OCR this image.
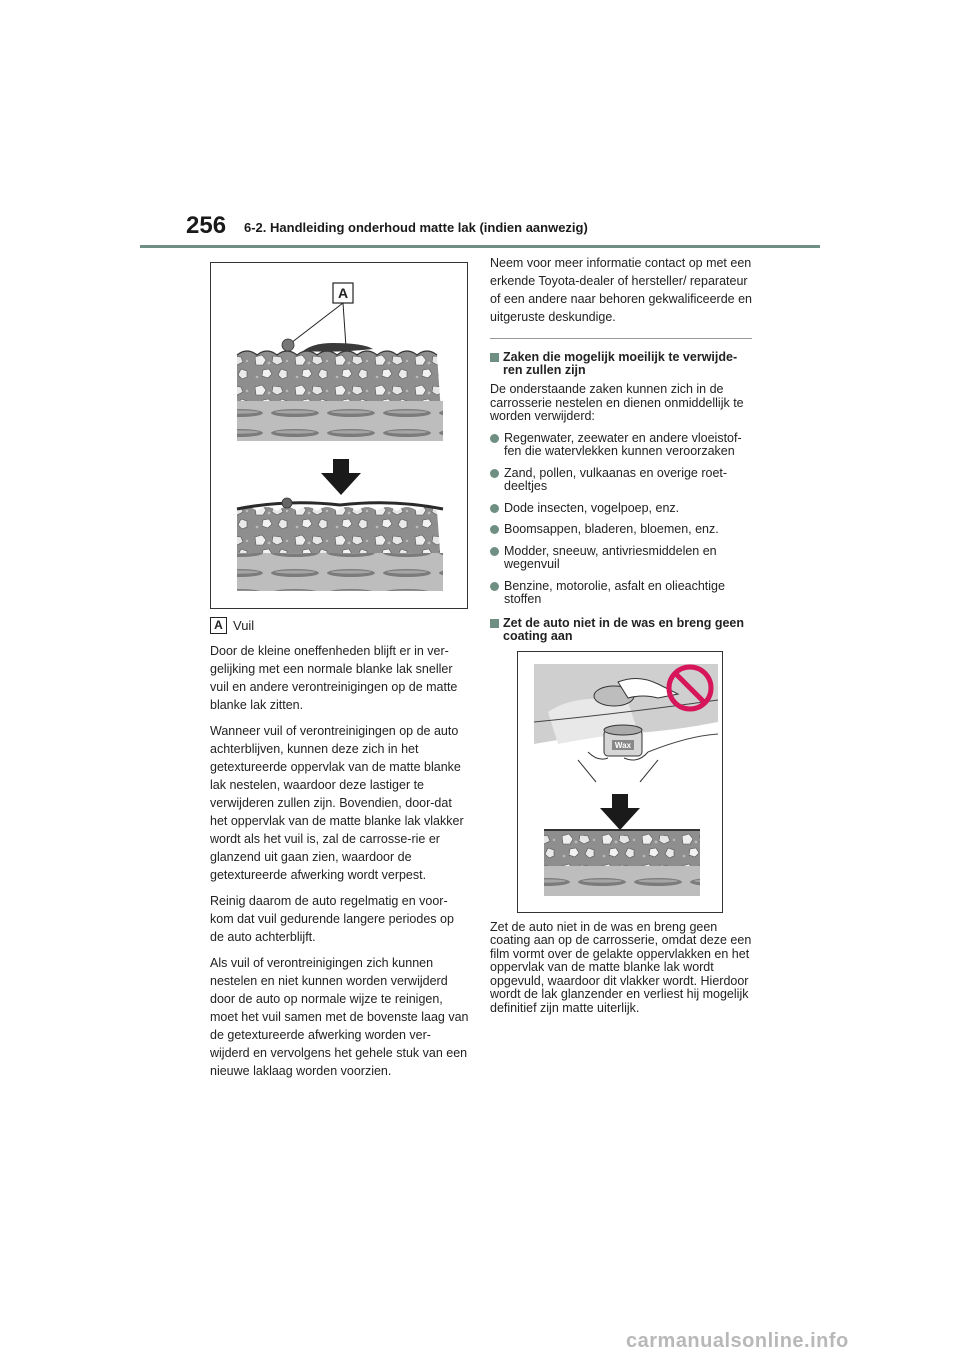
256 6-2. Handleiding onderhoud matte lak (indien aanwezig)
A
A Vuil

Door de kleine oneffenheden blijft er in ver-gelijking met een normale blanke lak sneller vuil en andere verontreinigingen op de matte blanke lak zitten.

Wanneer vuil of verontreinigingen op de auto achterblijven, kunnen deze zich in het getextureerde oppervlak van de matte blanke lak nestelen, waardoor deze lastiger te verwijderen zullen zijn. Bovendien, door-dat het oppervlak van de matte blanke lak vlakker wordt als het vuil is, zal de carrosse-rie er glanzend uit gaan zien, waardoor de getextureerde afwerking wordt verpest.

Reinig daarom de auto regelmatig en voor-kom dat vuil gedurende langere periodes op de auto achterblijft.

Als vuil of verontreinigingen zich kunnen nestelen en niet kunnen worden verwijderd door de auto op normale wijze te reinigen, moet het vuil samen met de bovenste laag van de getextureerde afwerking worden ver-wijderd en vervolgens het gehele stuk van een nieuwe laklaag worden voorzien.

Neem voor meer informatie contact op met een erkende Toyota-dealer of hersteller/ reparateur of een andere naar behoren gekwalificeerde en uitgeruste deskundige.

Zaken die mogelijk moeilijk te verwijde-ren zullen zijn

De onderstaande zaken kunnen zich in de carrosserie nestelen en dienen onmiddellijk te worden verwijderd:

Regenwater, zeewater en andere vloeistof-fen die watervlekken kunnen veroorzaken
Zand, pollen, vulkaanas en overige roet-deeltjes
Dode insecten, vogelpoep, enz.
Boomsappen, bladeren, bloemen, enz.
Modder, sneeuw, antivriesmiddelen en wegenvuil
Benzine, motorolie, asfalt en olieachtige stoffen
Zet de auto niet in de was en breng geen coating aan
Wax

Zet de auto niet in de was en breng geen coating aan op de carrosserie, omdat deze een film vormt over de gelakte oppervlakken en het oppervlak van de matte blanke lak wordt opgevuld, waardoor dit vlakker wordt. Hierdoor wordt de lak glanzender en verliest hij mogelijk definitief zijn matte uiterlijk.

carmanualsonline.info
